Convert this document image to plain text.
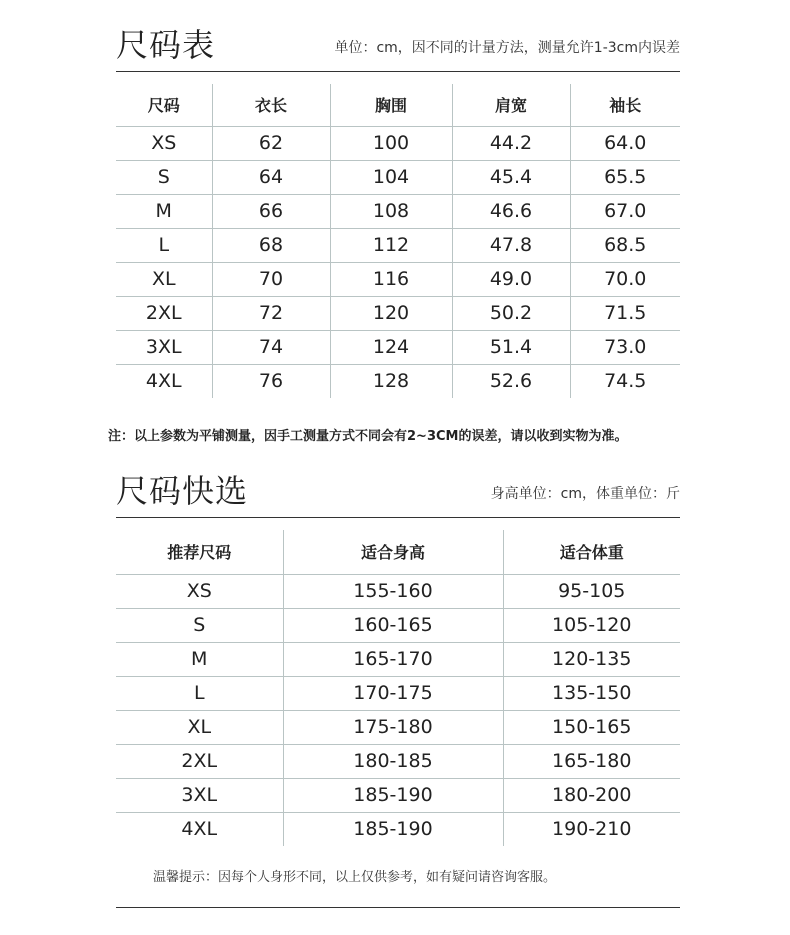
尺码表	单位：cm，因不同的计量方法，测量允许1-3cm内误差
尺码	衣长	胸围	肩宽	袖长
XS	62	100	44.2	64.0
S	64	104	45.4	65.5
M	66	108	46.6	67.0
L	68	112	47.8	68.5
XL	70	116	49.0	70.0
2XL	72	120	50.2	71.5
3XL	74	124	51.4	73.0
4XL	76	128	52.6	74.5
注：以上参数为平铺测量，因手工测量方式不同会有2~3CM的误差，请以收到实物为准。
尺码快选	身高单位：cm，体重单位：斤
推荐尺码	适合身高	适合体重
XS	155-160	95-105
S	160-165	105-120
M	165-170	120-135
L	170-175	135-150
XL	175-180	150-165
2XL	180-185	165-180
3XL	185-190	180-200
4XL	185-190	190-210
温馨提示：因每个人身形不同，以上仅供参考，如有疑问请咨询客服。
